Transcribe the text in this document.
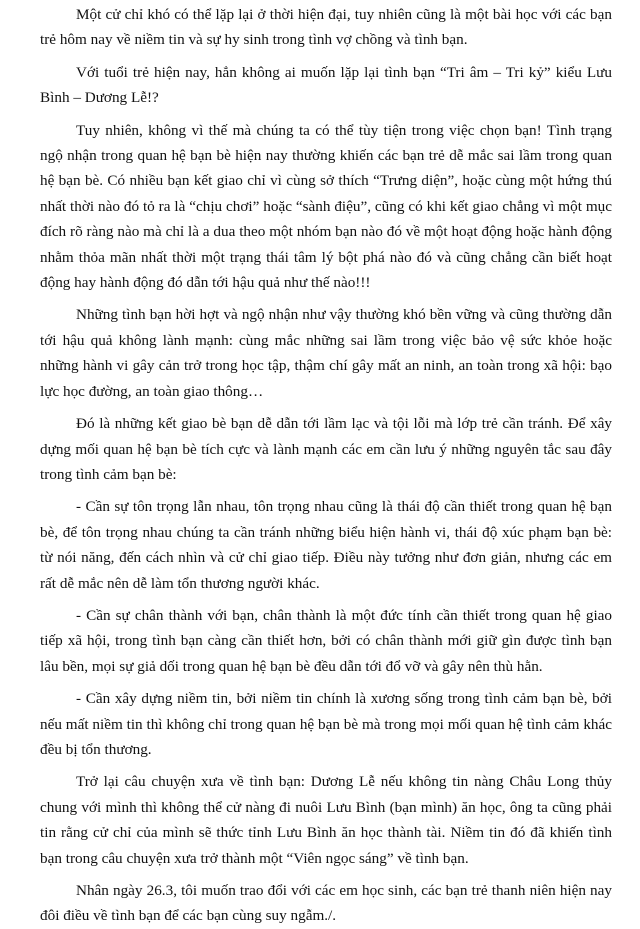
Một cử chỉ khó có thể lặp lại ở thời hiện đại, tuy nhiên cũng là một bài học với các bạn trẻ hôm nay về niềm tin và sự hy sinh trong tình vợ chồng và tình bạn.

Với tuổi trẻ hiện nay, hẳn không ai muốn lặp lại tình bạn “Tri âm – Tri kỷ” kiểu Lưu Bình – Dương Lễ!?

Tuy nhiên, không vì thế mà chúng ta có thể tùy tiện trong việc chọn bạn! Tình trạng ngộ nhận trong quan hệ bạn bè hiện nay thường khiến các bạn trẻ dễ mắc sai lầm trong quan hệ bạn bè. Có nhiều bạn kết giao chỉ vì cùng sở thích “Trưng diện”, hoặc cùng một hứng thú nhất thời nào đó tỏ ra là “chịu chơi” hoặc “sành điệu”, cũng có khi kết giao chẳng vì một mục đích rõ ràng nào mà chỉ là a dua theo một nhóm bạn nào đó về một hoạt động hoặc hành động nhằm thỏa mãn nhất thời một trạng thái tâm lý bột phá nào đó và cũng chẳng cần biết hoạt động hay hành động đó dẫn tới hậu quả như thế nào!!!

Những tình bạn hời hợt và ngộ nhận như vậy thường khó bền vững và cũng thường dẫn tới hậu quả không lành mạnh: cùng mắc những sai lầm trong việc bảo vệ sức khỏe hoặc những hành vi gây cản trở trong học tập, thậm chí gây mất an ninh, an toàn trong xã hội: bạo lực học đường, an toàn giao thông…

Đó là những kết giao bè bạn dễ dẫn tới lầm lạc và tội lỗi mà lớp trẻ cần tránh. Để xây dựng mối quan hệ bạn bè tích cực và lành mạnh các em cần lưu ý những nguyên tắc sau đây trong tình cảm bạn bè:

- Cần sự tôn trọng lẫn nhau, tôn trọng nhau cũng là thái độ cần thiết trong quan hệ bạn bè, để tôn trọng nhau chúng ta cần tránh những biểu hiện hành vi, thái độ xúc phạm bạn bè: từ nói năng, đến cách nhìn và cử chỉ giao tiếp. Điều này tưởng như đơn giản, nhưng các em rất dễ mắc nên dễ làm tổn thương người khác.

- Cần sự chân thành với bạn, chân thành là một đức tính cần thiết trong quan hệ giao tiếp xã hội, trong tình bạn càng cần thiết hơn, bởi có chân thành mới giữ gìn được tình bạn lâu bền, mọi sự giả dối trong quan hệ bạn bè đều dẫn tới đổ vỡ và gây nên thù hằn.

- Cần xây dựng niềm tin, bởi niềm tin chính là xương sống trong tình cảm bạn bè, bởi nếu mất niềm tin thì không chỉ trong quan hệ bạn bè mà trong mọi mối quan hệ tình cảm khác đều bị tổn thương.

Trở lại câu chuyện xưa về tình bạn: Dương Lễ nếu không tin nàng Châu Long thủy chung với mình thì không thể cử nàng đi nuôi Lưu Bình (bạn mình) ăn học, ông ta cũng phải tin rằng cử chỉ của mình sẽ thức tỉnh Lưu Bình ăn học thành tài. Niềm tin đó đã khiến tình bạn trong câu chuyện xưa trở thành một “Viên ngọc sáng” về tình bạn.

Nhân ngày 26.3, tôi muốn trao đổi với các em học sinh, các bạn trẻ thanh niên hiện nay đôi điều về tình bạn để các bạn cùng suy ngẫm./.
